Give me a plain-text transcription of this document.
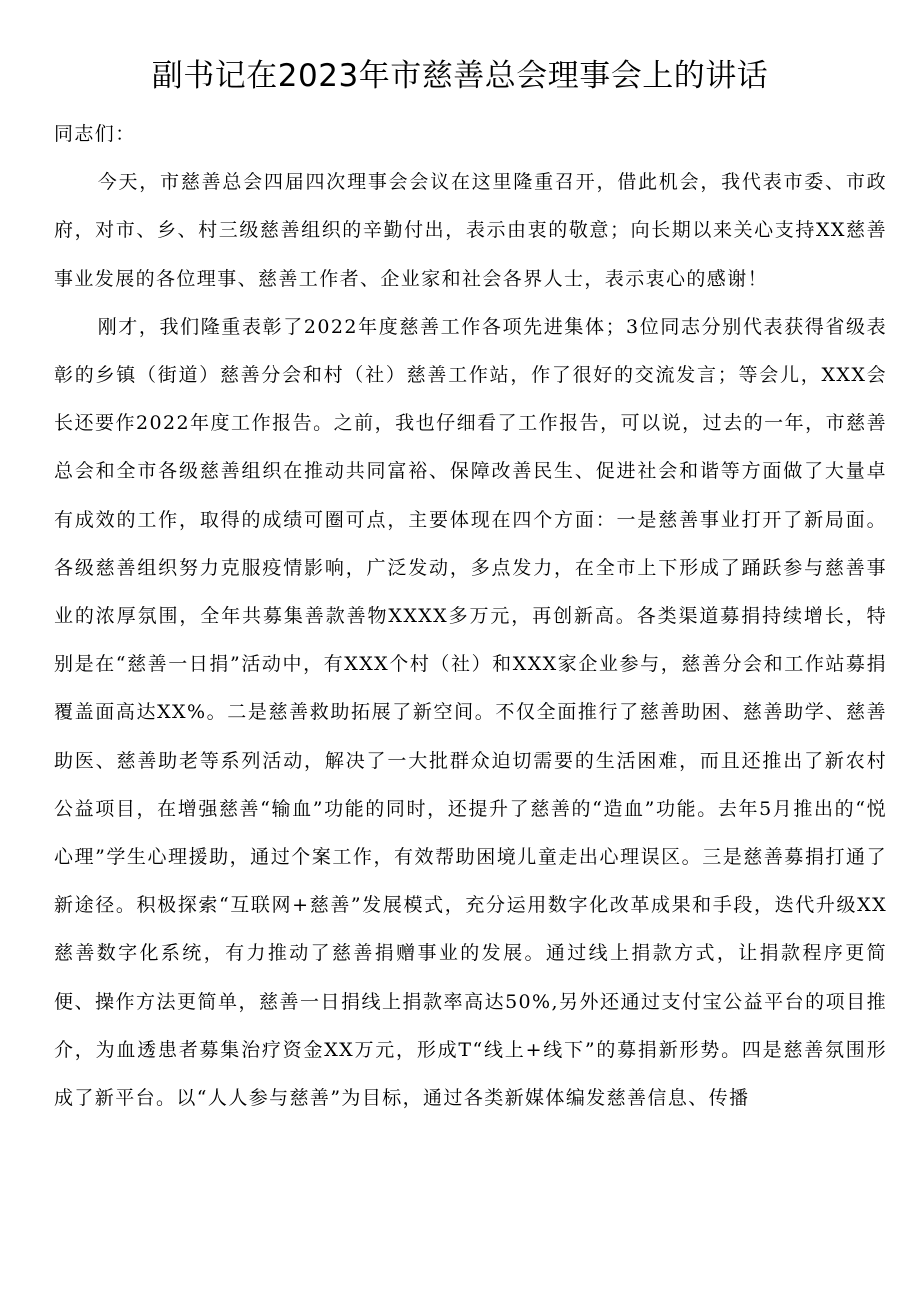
副书记在2023年市慈善总会理事会上的讲话

同志们：

今天，市慈善总会四届四次理事会会议在这里隆重召开，借此机会，我代表市委、市政府，对市、乡、村三级慈善组织的辛勤付出，表示由衷的敬意；向长期以来关心支持XX慈善事业发展的各位理事、慈善工作者、企业家和社会各界人士，表示衷心的感谢！

刚才，我们隆重表彰了2022年度慈善工作各项先进集体；3位同志分别代表获得省级表彰的乡镇（街道）慈善分会和村（社）慈善工作站，作了很好的交流发言；等会儿，XXX会长还要作2022年度工作报告。之前，我也仔细看了工作报告，可以说，过去的一年，市慈善总会和全市各级慈善组织在推动共同富裕、保障改善民生、促进社会和谐等方面做了大量卓有成效的工作，取得的成绩可圈可点，主要体现在四个方面：一是慈善事业打开了新局面。各级慈善组织努力克服疫情影响，广泛发动，多点发力，在全市上下形成了踊跃参与慈善事业的浓厚氛围，全年共募集善款善物XXXX多万元，再创新高。各类渠道募捐持续增长，特别是在“慈善一日捐”活动中，有XXX个村（社）和XXX家企业参与，慈善分会和工作站募捐覆盖面高达XX%。二是慈善救助拓展了新空间。不仅全面推行了慈善助困、慈善助学、慈善助医、慈善助老等系列活动，解决了一大批群众迫切需要的生活困难，而且还推出了新农村公益项目，在增强慈善“输血”功能的同时，还提升了慈善的“造血”功能。去年5月推出的“悦心理”学生心理援助，通过个案工作，有效帮助困境儿童走出心理误区。三是慈善募捐打通了新途径。积极探索“互联网+慈善”发展模式，充分运用数字化改革成果和手段，迭代升级XX慈善数字化系统，有力推动了慈善捐赠事业的发展。通过线上捐款方式，让捐款程序更简便、操作方法更简单，慈善一日捐线上捐款率高达50%,另外还通过支付宝公益平台的项目推介，为血透患者募集治疗资金XX万元，形成T“线上+线下”的募捐新形势。四是慈善氛围形成了新平台。以“人人参与慈善”为目标，通过各类新媒体编发慈善信息、传播
